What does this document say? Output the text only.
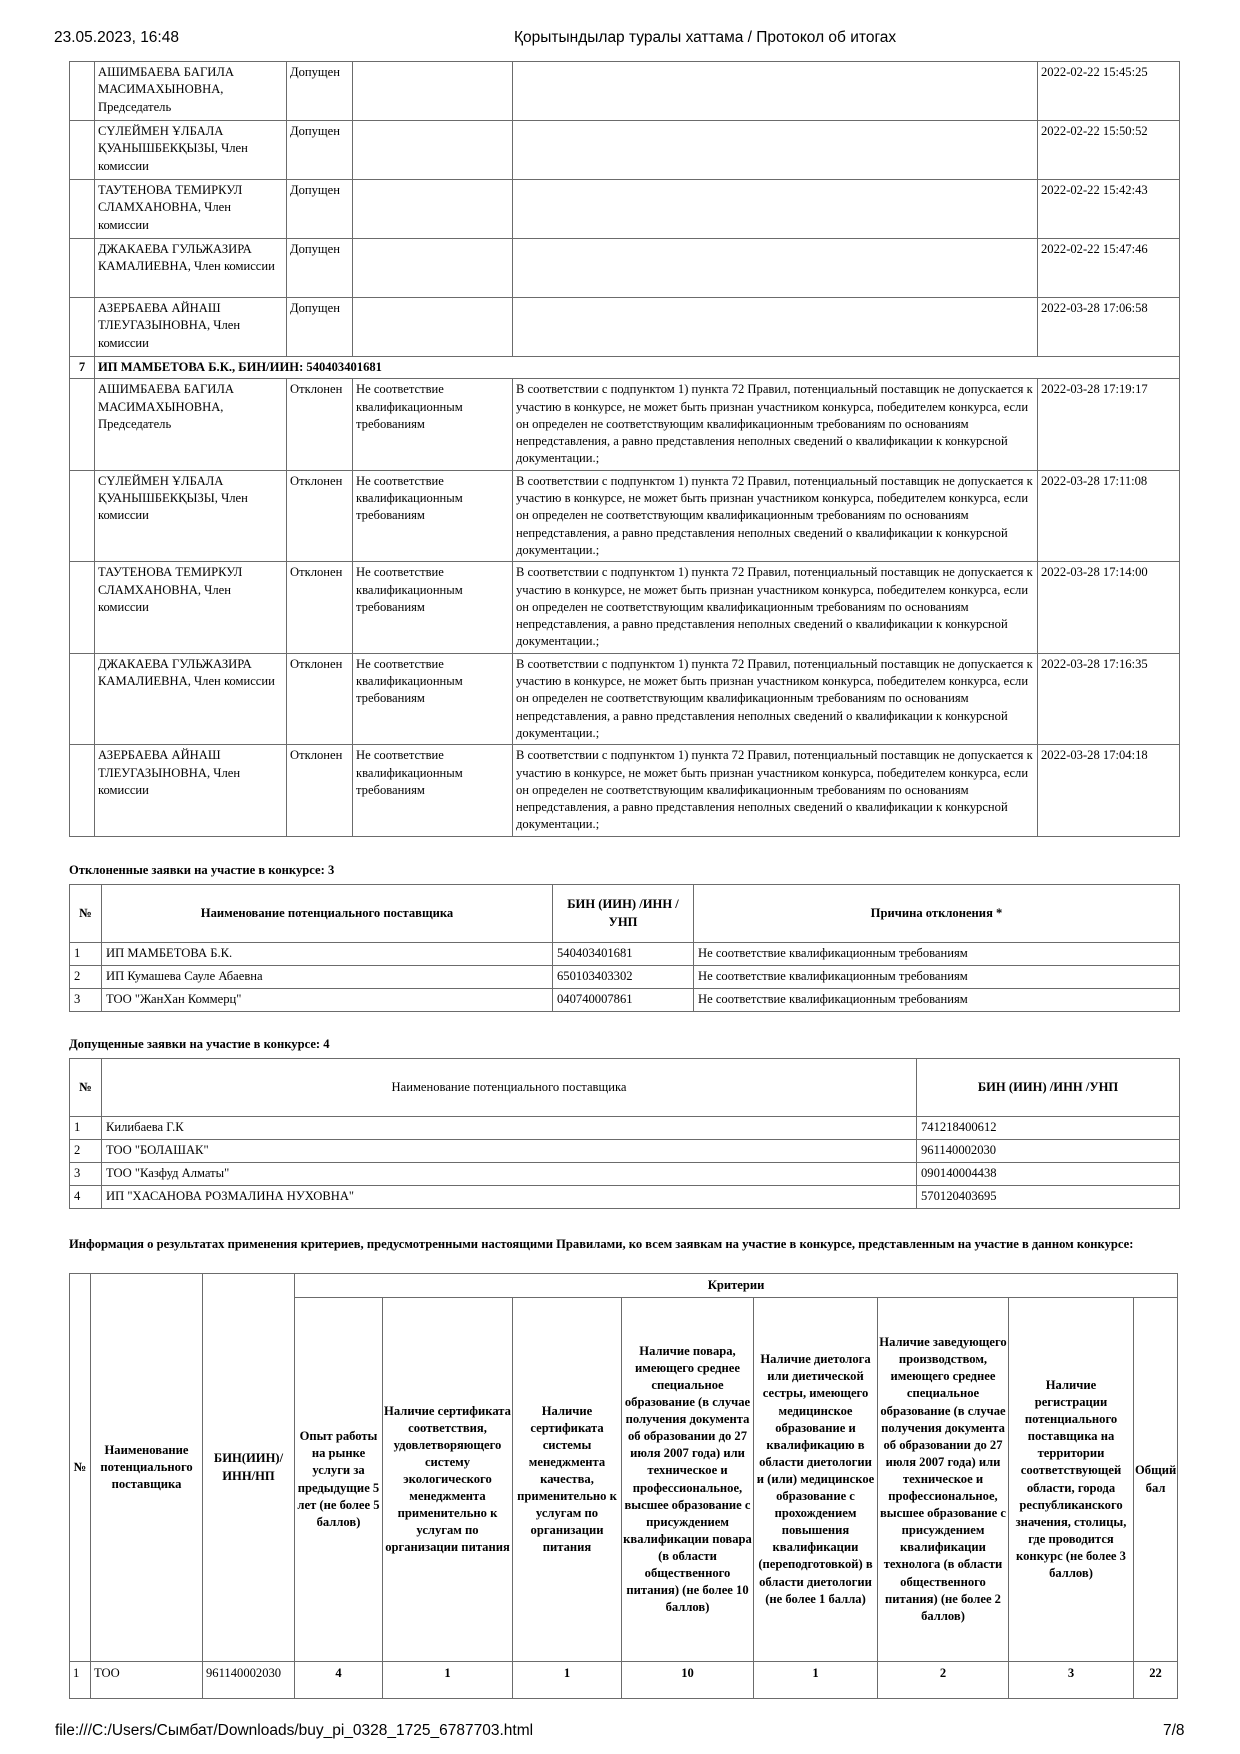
23.05.2023, 16:48	Қорытындылар туралы хаттама / Протокол об итогах
	АШИМБАЕВА БАГИЛА МАСИМАХЫНОВНА, Председатель	Допущен			2022-02-22 15:45:25
	СҮЛЕЙМЕН ҰЛБАЛА ҚУАНЫШБЕКҚЫЗЫ, Член комиссии	Допущен			2022-02-22 15:50:52
	ТАУТЕНОВА ТЕМИРКУЛ СЛАМХАНОВНА, Член комиссии	Допущен			2022-02-22 15:42:43
	ДЖАКАЕВА ГУЛЬЖАЗИРА КАМАЛИЕВНА, Член комиссии	Допущен			2022-02-22 15:47:46
	АЗЕРБАЕВА АЙНАШ ТЛЕУГАЗЫНОВНА, Член комиссии	Допущен			2022-03-28 17:06:58
7	ИП МАМБЕТОВА Б.К., БИН/ИИН: 540403401681				
	АШИМБАЕВА БАГИЛА МАСИМАХЫНОВНА, Председатель	Отклонен	Не соответствие квалификационным требованиям	В соответствии с подпунктом 1) пункта 72 Правил, потенциальный поставщик не допускается к участию в конкурсе, не может быть признан участником конкурса, победителем конкурса, если он определен не соответствующим квалификационным требованиям по основаниям непредставления, а равно представления неполных сведений о квалификации к конкурсной документации.;	2022-03-28 17:19:17
	СҮЛЕЙМЕН ҰЛБАЛА ҚУАНЫШБЕКҚЫЗЫ, Член комиссии	Отклонен	Не соответствие квалификационным требованиям	В соответствии с подпунктом 1) пункта 72 Правил, потенциальный поставщик не допускается к участию в конкурсе, не может быть признан участником конкурса, победителем конкурса, если он определен не соответствующим квалификационным требованиям по основаниям непредставления, а равно представления неполных сведений о квалификации к конкурсной документации.;	2022-03-28 17:11:08
	ТАУТЕНОВА ТЕМИРКУЛ СЛАМХАНОВНА, Член комиссии	Отклонен	Не соответствие квалификационным требованиям	В соответствии с подпунктом 1) пункта 72 Правил, потенциальный поставщик не допускается к участию в конкурсе, не может быть признан участником конкурса, победителем конкурса, если он определен не соответствующим квалификационным требованиям по основаниям непредставления, а равно представления неполных сведений о квалификации к конкурсной документации.;	2022-03-28 17:14:00
	ДЖАКАЕВА ГУЛЬЖАЗИРА КАМАЛИЕВНА, Член комиссии	Отклонен	Не соответствие квалификационным требованиям	В соответствии с подпунктом 1) пункта 72 Правил, потенциальный поставщик не допускается к участию в конкурсе, не может быть признан участником конкурса, победителем конкурса, если он определен не соответствующим квалификационным требованиям по основаниям непредставления, а равно представления неполных сведений о квалификации к конкурсной документации.;	2022-03-28 17:16:35
	АЗЕРБАЕВА АЙНАШ ТЛЕУГАЗЫНОВНА, Член комиссии	Отклонен	Не соответствие квалификационным требованиям	В соответствии с подпунктом 1) пункта 72 Правил, потенциальный поставщик не допускается к участию в конкурсе, не может быть признан участником конкурса, победителем конкурса, если он определен не соответствующим квалификационным требованиям по основаниям непредставления, а равно представления неполных сведений о квалификации к конкурсной документации.;	2022-03-28 17:04:18
Отклоненные заявки на участие в конкурсе: 3
№	Наименование потенциального поставщика	БИН (ИИН) /ИНН /УНП	Причина отклонения *
1	ИП МАМБЕТОВА Б.К.	540403401681	Не соответствие квалификационным требованиям
2	ИП Кумашева Сауле Абаевна	650103403302	Не соответствие квалификационным требованиям
3	ТОО "ЖанХан Коммерц"	040740007861	Не соответствие квалификационным требованиям
Допущенные заявки на участие в конкурсе: 4
№	Наименование потенциального поставщика	БИН (ИИН) /ИНН /УНП
1	Килибаева Г.К	741218400612
2	ТОО "БОЛАШАК"	961140002030
3	ТОО "Казфуд Алматы"	090140004438
4	ИП "ХАСАНОВА РОЗМАЛИНА НУХОВНА"	570120403695
Информация о результатах применения критериев, предусмотренными настоящими Правилами, ко всем заявкам на участие в конкурсе, представленным на участие в данном конкурсе:
№	Наименование потенциального поставщика	БИН(ИИН)/ ИНН/НП	Критерии							
Опыт работы на рынке услуги за предыдущие 5 лет (не более 5 баллов)	Наличие сертификата соответствия, удовлетворяющего систему экологического менеджмента применительно к услугам по организации питания	Наличие сертификата системы менеджмента качества, применительно к услугам по организации питания	Наличие повара, имеющего среднее специальное образование (в случае получения документа об образовании до 27 июля 2007 года) или техническое и профессиональное, высшее образование с присуждением квалификации повара (в области общественного питания) (не более 10 баллов)	Наличие диетолога или диетической сестры, имеющего медицинское образование и квалификацию в области диетологии и (или) медицинское образование с прохождением повышения квалификации (переподготовкой) в области диетологии (не более 1 балла)	Наличие заведующего производством, имеющего среднее специальное образование (в случае получения документа об образовании до 27 июля 2007 года) или техническое и профессиональное, высшее образование с присуждением квалификации технолога (в области общественного питания) (не более 2 баллов)	Наличие регистрации потенциального поставщика на территории соответствующей области, города республиканского значения, столицы, где проводится конкурс (не более 3 баллов)	Общий бал
1	ТОО	961140002030	4	1	1	10	1	2	3	22
file:///C:/Users/Сымбат/Downloads/buy_pi_0328_1725_6787703.html	7/8
